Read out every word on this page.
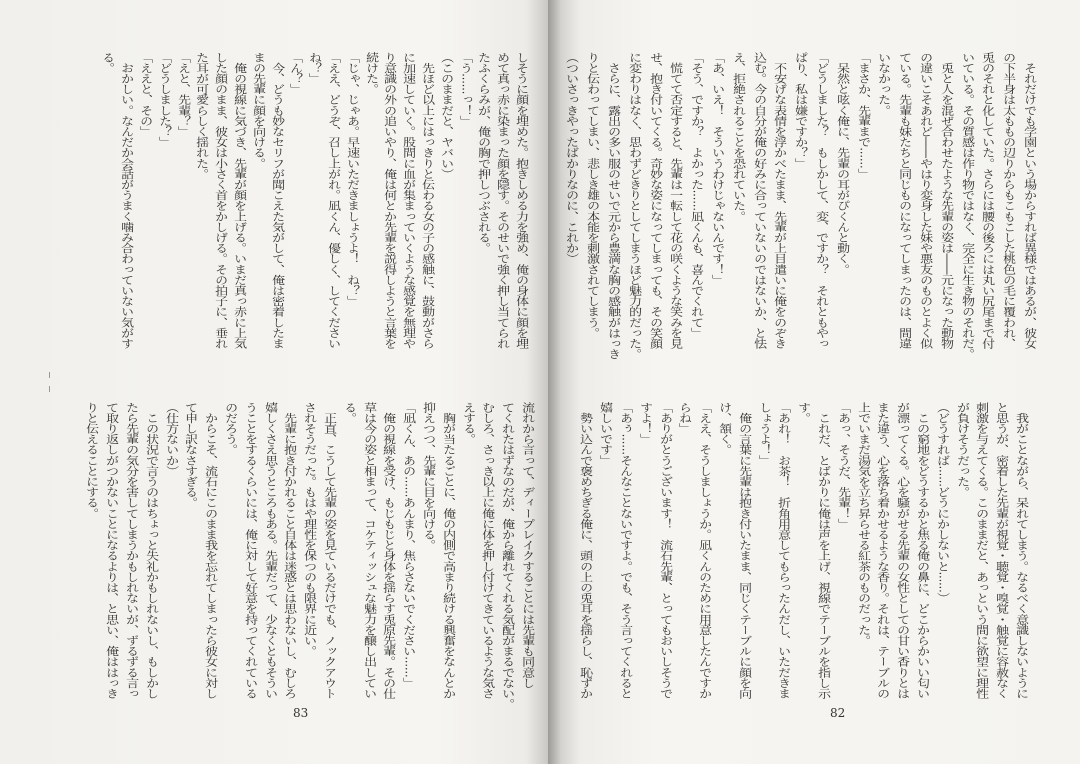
しそうに顔を埋めた。抱きしめる力を強め、俺の身体に顔を埋
めて真っ赤に染まった顔を隠す。そのせいで強く押し当てられ
たふくらみが、俺の胸で押しつぶされる。
「う……っ！」
（このままだと、ヤバい）
　先ほど以上にはっきりと伝わる女の子の感触に、鼓動がさら
に加速していく。股間に血が集まっていくような感覚を無理や
り意識の外の追いやり、俺は何とか先輩を説得しようと言葉を
続けた。
「じゃ、じゃあ。早速いただきましょうよ！　ね？」
「ええ、どうぞ、召し上がれ。凪くん、優しく、してください
ね？」
「ん？」
　今、どうも妙なセリフが聞こえた気がして、俺は密着したま
まの先輩に顔を向ける。
　俺の視線に気づき、先輩が顔を上げる。いまだ真っ赤に上気
した顔のまま、彼女は小さく首をかしげる。その拍子に、垂れ
た耳が可愛らしく揺れた。
「えと、先輩？」
「どうしました？」
「ええと、その」
　おかしい。なんだか会話がうまく噛み合わっていない気がす
る。
流れから言って、ディープレイクすることには先輩も同意し
てくれたはずなのだが、俺から離れてくれる気配がまるでない。
むしろ、さっき以上に俺に体を押し付けてきているような気さ
えする。
　胸が当たるごとに、俺の内側で高まり続ける興奮をなんとか
抑えつつ、先輩に目を向ける。
「凪くん、あの……あんまり、焦らさないでください……」
　俺の視線を受け、もじもじと身体を揺らす兎原先輩。その仕
草は今の姿と相まって、コケティッシュな魅力を醸し出してい
る。
　正直、こうして先輩の姿を見ているだけでも、ノックアウト
されそうだった。もはや理性を保つのも限界に近い。
　先輩に抱き付かれること自体は迷惑とは思わないし、むしろ
嬉しくさえ思うところもある。先輩だって、少なくともそうい
うことをするくらいには、俺に対して好意を持ってくれている
のだろう。
　からこそ、流石にこのまま我を忘れてしまったら彼女に対し
て申し訳なさすぎる。
（仕方ないか）
　この状況で言うのはちょっと失礼かもしれないし、もしかし
たら先輩の気分を害してしまうかもしれないが、ずるずる言っ
て取り返しがつかないことになるよりは、と思い、俺ははっき
りと伝えることにする。
　それだけでも学園という場からすれば異様ではあるが、彼女
の下半身は太ももの辺りからもこもこした桃色の毛に覆われ、
兎のそれと化していた。さらには腰の後ろには丸い尻尾まで付
いている。その質感は作り物ではなく、完全に生き物のそれだ。
　兎と人を混ぜ合わせたような先輩の姿は――元になった動物
の違いこそあれど――やはり変身した妹や悪友のものとよく似
ている。先輩も妹たちと同じものになってしまったのは、間違
いなかった。
「まさか、先輩まで……」
　呆然と呟く俺に、先輩の耳がぴくんと動く。
「どうしました？　もしかして、変、ですか？　それともやっ
ぱり、私は嫌ですか？」
　不安げな表情を浮かべたまま、先輩が上目遣いに俺をのぞき
込む。今の自分が俺の好みに合っていないのではないか、と怯
え、拒絶されることを恐れていた。
「あ、いえ！　そういうわけじゃないんです！」
「そう、ですか？　よかった……凪くんも、喜んでくれて」
　慌てて否定すると、先輩は一転して花の咲くような笑みを見
せ、抱き付いてくる。奇妙な姿になってしまっても、その笑顔
に変わりはなく、思わずどきりとしてしまうほど魅力的だった。
　さらに、露出の多い服のせいで元から豊満な胸の感触がはっき
りと伝わってしまい、悲しき雄の本能を刺激されてしまう。
（ついさっきやったばかりなのに、これか）
　我がことながら、呆れてしまう。なるべく意識しないように
と思うが、密着した先輩が視覚・聴覚・嗅覚・触覚に容赦なく
刺激を与えてくる。このままだと、あっという間に欲望に理性
が負けそうだった。
（どうすれば……どうにかしないと……）
　この窮地をどうするかと焦る俺の鼻に、どこからかいい匂い
が漂ってくる。心を騒がせる先輩の女性としての甘い香りとは
また違う、心を落ち着かせるような香り。それは、テーブルの
上でいまだ湯気を立ち昇らせる紅茶のものだった。
「あっ、そうだ、先輩！」
　これだ、とばかりに俺は声を上げ、視線でテーブルを指し示
す。
「あれ！　お茶！　折角用意してもらったんだし、いただきま
しょうよ！」
　俺の言葉に先輩は抱き付いたまま、同じくテーブルに顔を向
け、頷く。
「ええ、そうしましょうか。凪くんのために用意したんですか
らね」
「ありがとうございます！　流石先輩、とってもおいしそうで
すよ！」
「あぅ……そんなことないですよ。でも、そう言ってくれると
嬉しいです」
　勢い込んで褒めちぎる俺に、頭の上の兎耳を揺らし、恥ずか
83	82
